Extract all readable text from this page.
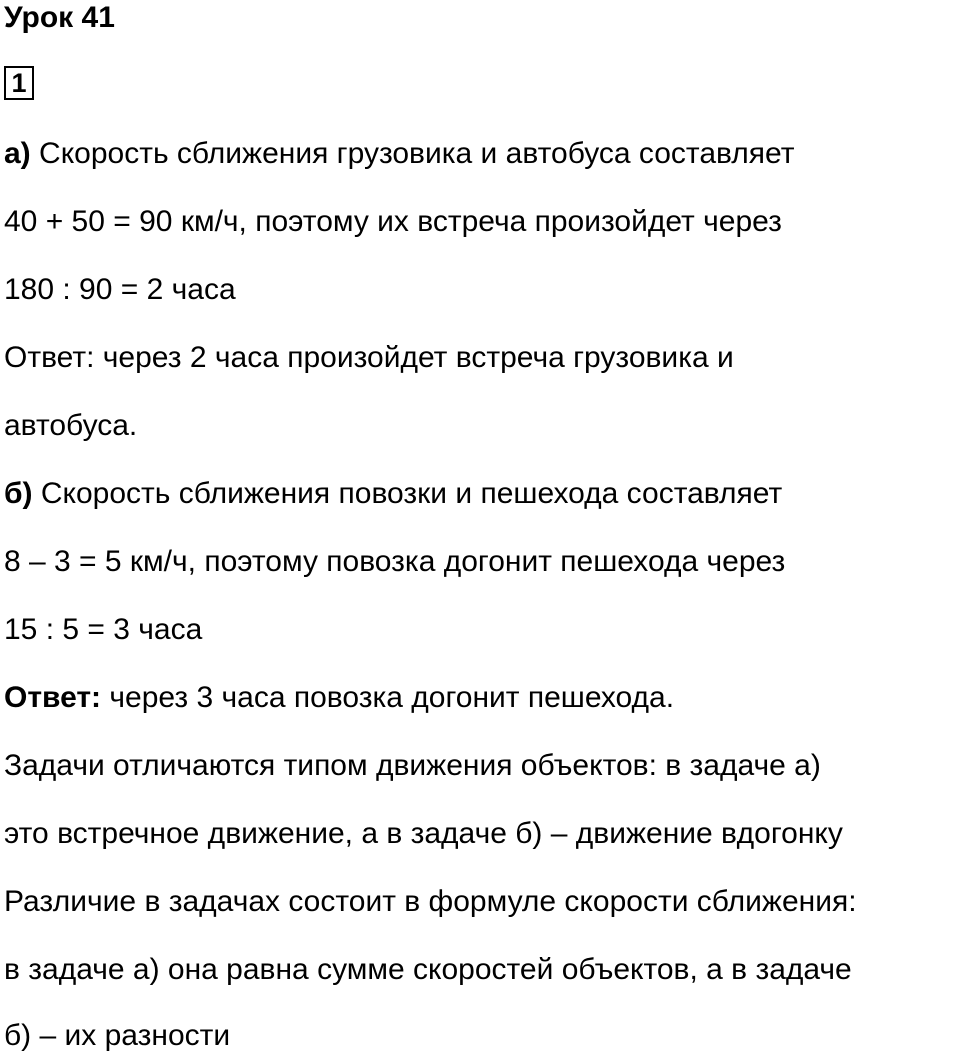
Урок 41
1
а) Скорость сближения грузовика и автобуса составляет
40 + 50 = 90 км/ч, поэтому их встреча произойдет через
180 : 90 = 2 часа
Ответ: через 2 часа произойдет встреча грузовика и
автобуса.
б) Скорость сближения повозки и пешехода составляет
8 – 3 = 5 км/ч, поэтому повозка догонит пешехода через
15 : 5 = 3 часа
Ответ: через 3 часа повозка догонит пешехода.
Задачи отличаются типом движения объектов: в задаче а)
это встречное движение, а в задаче б) – движение вдогонку
Различие в задачах состоит в формуле скорости сближения:
в задаче а) она равна сумме скоростей объектов, а в задаче
б) – их разности
